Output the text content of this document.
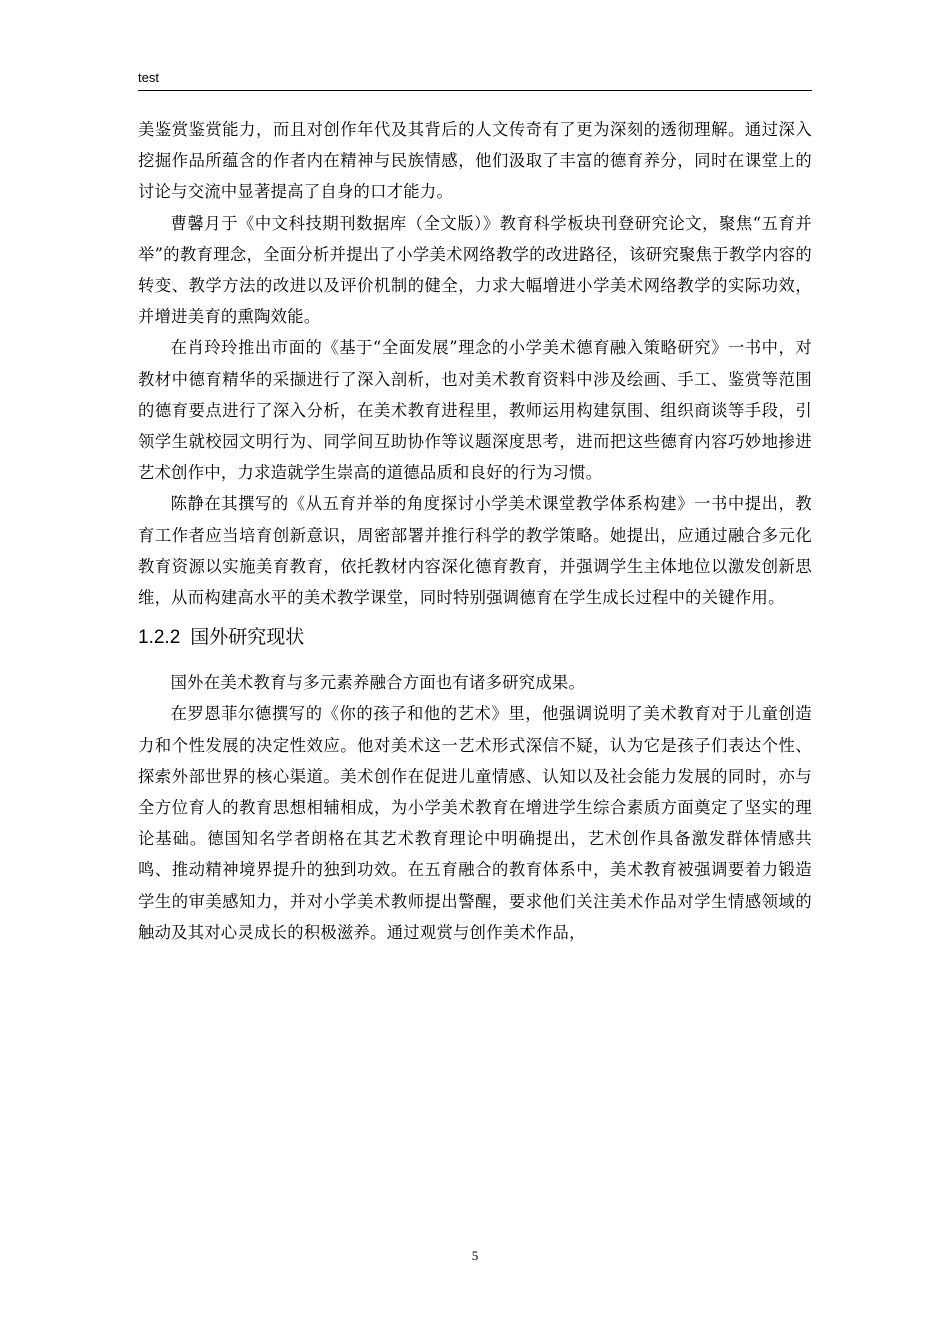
test

美鉴赏鉴赏能力，而且对创作年代及其背后的人文传奇有了更为深刻的透彻理解。通过深入挖掘作品所蕴含的作者内在精神与民族情感，他们汲取了丰富的德育养分，同时在课堂上的讨论与交流中显著提高了自身的口才能力。

曹馨月于《中文科技期刊数据库（全文版）》教育科学板块刊登研究论文，聚焦“五育并举”的教育理念，全面分析并提出了小学美术网络教学的改进路径，该研究聚焦于教学内容的转变、教学方法的改进以及评价机制的健全，力求大幅增进小学美术网络教学的实际功效，并增进美育的熏陶效能。

在肖玲玲推出市面的《基于“全面发展”理念的小学美术德育融入策略研究》一书中，对教材中德育精华的采撷进行了深入剖析，也对美术教育资料中涉及绘画、手工、鉴赏等范围的德育要点进行了深入分析，在美术教育进程里，教师运用构建氛围、组织商谈等手段，引领学生就校园文明行为、同学间互助协作等议题深度思考，进而把这些德育内容巧妙地掺进艺术创作中，力求造就学生崇高的道德品质和良好的行为习惯。

陈静在其撰写的《从五育并举的角度探讨小学美术课堂教学体系构建》一书中提出，教育工作者应当培育创新意识，周密部署并推行科学的教学策略。她提出，应通过融合多元化教育资源以实施美育教育，依托教材内容深化德育教育，并强调学生主体地位以激发创新思维，从而构建高水平的美术教学课堂，同时特别强调德育在学生成长过程中的关键作用。

1.2.2 国外研究现状

国外在美术教育与多元素养融合方面也有诸多研究成果。

在罗恩菲尔德撰写的《你的孩子和他的艺术》里，他强调说明了美术教育对于儿童创造力和个性发展的决定性效应。他对美术这一艺术形式深信不疑，认为它是孩子们表达个性、探索外部世界的核心渠道。美术创作在促进儿童情感、认知以及社会能力发展的同时，亦与全方位育人的教育思想相辅相成，为小学美术教育在增进学生综合素质方面奠定了坚实的理论基础。德国知名学者朗格在其艺术教育理论中明确提出，艺术创作具备激发群体情感共鸣、推动精神境界提升的独到功效。在五育融合的教育体系中，美术教育被强调要着力锻造学生的审美感知力，并对小学美术教师提出警醒，要求他们关注美术作品对学生情感领域的触动及其对心灵成长的积极滋养。通过观赏与创作美术作品，

5
